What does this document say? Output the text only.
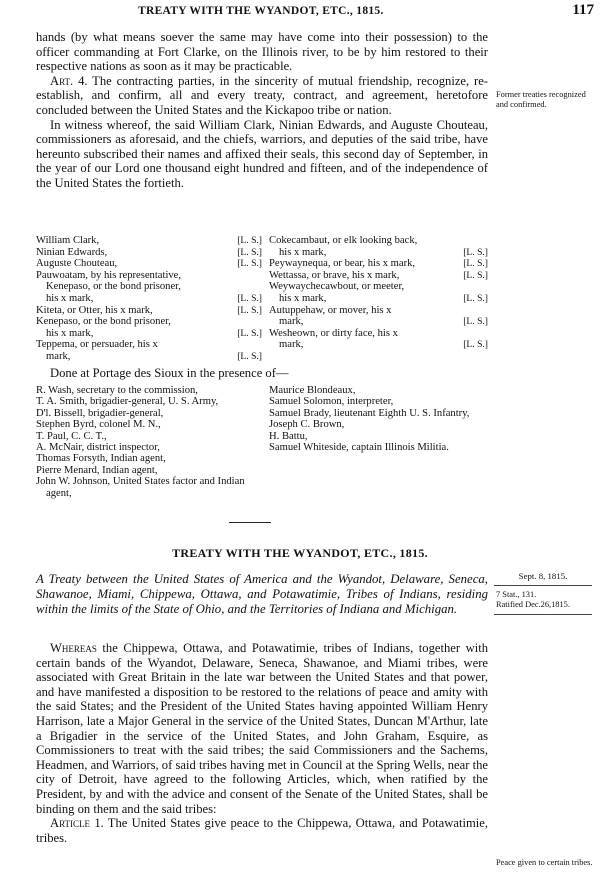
TREATY WITH THE WYANDOT, ETC., 1815.	117

hands (by what means soever the same may have come into their possession) to the officer commanding at Fort Clarke, on the Illinois river, to be by him restored to their respective nations as soon as it may be practicable.

Art. 4. The contracting parties, in the sincerity of mutual friendship, recognize, re-establish, and confirm, all and every treaty, contract, and agreement, heretofore concluded between the United States and the Kickapoo tribe or nation.

In witness whereof, the said William Clark, Ninian Edwards, and Auguste Chouteau, commissioners as aforesaid, and the chiefs, warriors, and deputies of the said tribe, have hereunto subscribed their names and affixed their seals, this second day of September, in the year of our Lord one thousand eight hundred and fifteen, and of the independence of the United States the fortieth.

Former treaties recognized and confirmed.
William Clark,	[L. S.]
Ninian Edwards,	[L. S.]
Auguste Chouteau,	[L. S.]
Pauwoatam, by his representative,
Kenepaso, or the bond prisoner,
his x mark,	[L. S.]
Kiteta, or Otter, his x mark,	[L. S.]
Kenepaso, or the bond prisoner,
his x mark,	[L. S.]
Teppema, or persuader, his x
mark,	[L. S.]
Cokecambaut, or elk looking back,
his x mark,	[L. S.]
Peywaynequa, or bear, his x mark,	[L. S.]
Wettassa, or brave, his x mark,	[L. S.]
Weywaychecawbout, or meeter,
his x mark,	[L. S.]
Autuppehaw, or mover, his x
mark,	[L. S.]
Wesheown, or dirty face, his x
mark,	[L. S.]

Done at Portage des Sioux in the presence of—

R. Wash, secretary to the commission,
T. A. Smith, brigadier-general, U. S. Army,
D'l. Bissell, brigadier-general,
Stephen Byrd, colonel M. N.,
T. Paul, C. C. T.,
A. McNair, district inspector,
Thomas Forsyth, Indian agent,
Pierre Menard, Indian agent,
John W. Johnson, United States factor and Indian agent,
Maurice Blondeaux,
Samuel Solomon, interpreter,
Samuel Brady, lieutenant Eighth U. S. Infantry,
Joseph C. Brown,
H. Battu,
Samuel Whiteside, captain Illinois Militia.
TREATY WITH THE WYANDOT, ETC., 1815.

A Treaty between the United States of America and the Wyandot, Delaware, Seneca, Shawanoe, Miami, Chippewa, Ottawa, and Potawatimie, Tribes of Indians, residing within the limits of the State of Ohio, and the Territories of Indiana and Michigan.

Sept. 8, 1815.
7 Stat., 131.
Ratified Dec.26,1815.

Whereas the Chippewa, Ottawa, and Potawatimie, tribes of Indians, together with certain bands of the Wyandot, Delaware, Seneca, Shawanoe, and Miami tribes, were associated with Great Britain in the late war between the United States and that power, and have manifested a disposition to be restored to the relations of peace and amity with the said States; and the President of the United States having appointed William Henry Harrison, late a Major General in the service of the United States, Duncan M'Arthur, late a Brigadier in the service of the United States, and John Graham, Esquire, as Commissioners to treat with the said tribes; the said Commissioners and the Sachems, Headmen, and Warriors, of said tribes having met in Council at the Spring Wells, near the city of Detroit, have agreed to the following Articles, which, when ratified by the President, by and with the advice and consent of the Senate of the United States, shall be binding on them and the said tribes:

Article 1. The United States give peace to the Chippewa, Ottawa, and Potawatimie, tribes.

Peace given to certain tribes.
